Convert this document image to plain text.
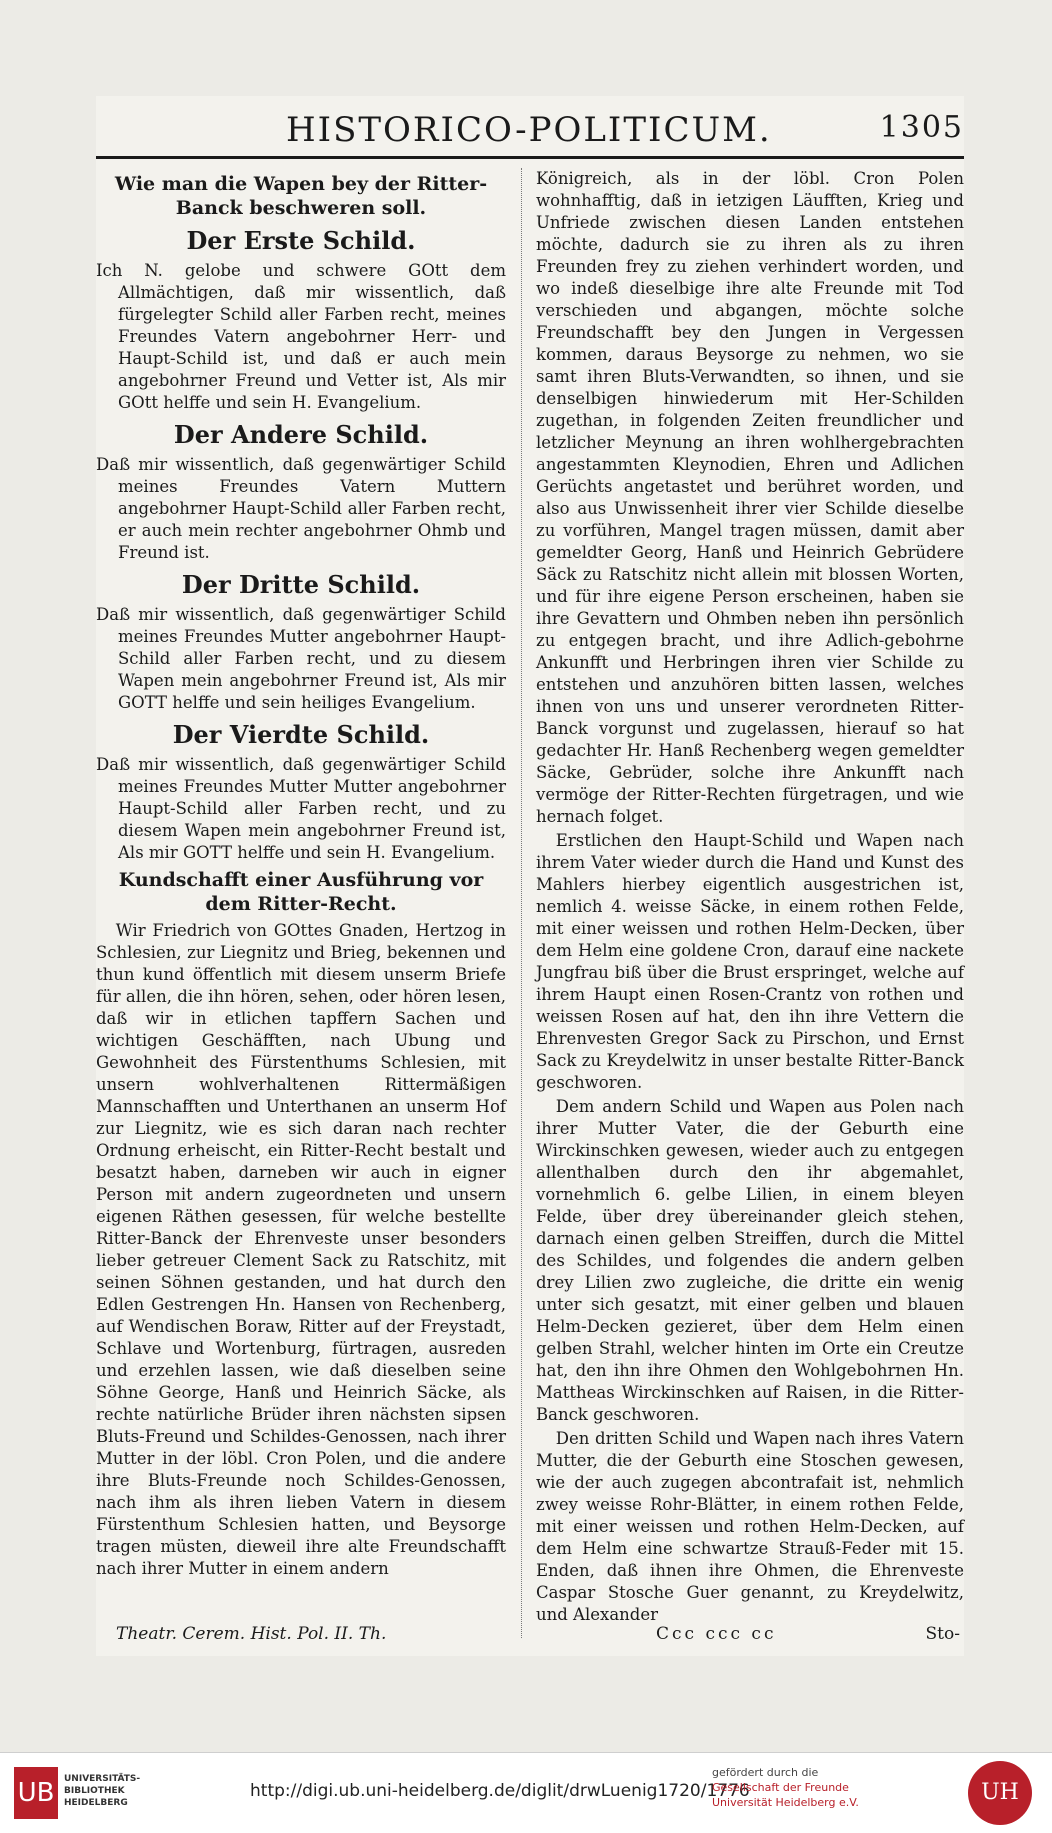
HISTORICO-POLITICUM.	1305
Wie man die Wapen bey der Ritter-Banck beschweren soll.
Der Erste Schild.

Ich N. gelobe und schwere GOtt dem Allmächtigen, daß mir wissentlich, daß fürgelegter Schild aller Farben recht, meines Freundes Vatern angebohrner Herr- und Haupt-Schild ist, und daß er auch mein angebohrner Freund und Vetter ist, Als mir GOtt helffe und sein H. Evangelium.

Der Andere Schild.

Daß mir wissentlich, daß gegenwärtiger Schild meines Freundes Vatern Muttern angebohrner Haupt-Schild aller Farben recht, er auch mein rechter angebohrner Ohmb und Freund ist.

Der Dritte Schild.

Daß mir wissentlich, daß gegenwärtiger Schild meines Freundes Mutter angebohrner Haupt-Schild aller Farben recht, und zu diesem Wapen mein angebohrner Freund ist, Als mir GOTT helffe und sein heiliges Evangelium.

Der Vierdte Schild.

Daß mir wissentlich, daß gegenwärtiger Schild meines Freundes Mutter Mutter angebohrner Haupt-Schild aller Farben recht, und zu diesem Wapen mein angebohrner Freund ist, Als mir GOTT helffe und sein H. Evangelium.

Kundschafft einer Ausführung vor dem Ritter-Recht.

Wir Friedrich von GOttes Gnaden, Hertzog in Schlesien, zur Liegnitz und Brieg, bekennen und thun kund öffentlich mit diesem unserm Briefe für allen, die ihn hören, sehen, oder hören lesen, daß wir in etlichen tapffern Sachen und wichtigen Geschäfften, nach Ubung und Gewohnheit des Fürstenthums Schlesien, mit unsern wohlverhaltenen Rittermäßigen Mannschafften und Unterthanen an unserm Hof zur Liegnitz, wie es sich daran nach rechter Ordnung erheischt, ein Ritter-Recht bestalt und besatzt haben, darneben wir auch in eigner Person mit andern zugeordneten und unsern eigenen Räthen gesessen, für welche bestellte Ritter-Banck der Ehrenveste unser besonders lieber getreuer Clement Sack zu Ratschitz, mit seinen Söhnen gestanden, und hat durch den Edlen Gestrengen Hn. Hansen von Rechenberg, auf Wendischen Boraw, Ritter auf der Freystadt, Schlave und Wortenburg, fürtragen, ausreden und erzehlen lassen, wie daß dieselben seine Söhne George, Hanß und Heinrich Säcke, als rechte natürliche Brüder ihren nächsten sipsen Bluts-Freund und Schildes-Genossen, nach ihrer Mutter in der löbl. Cron Polen, und die andere ihre Bluts-Freunde noch Schildes-Genossen, nach ihm als ihren lieben Vatern in diesem Fürstenthum Schlesien hatten, und Beysorge tragen müsten, dieweil ihre alte Freundschafft nach ihrer Mutter in einem andern

Königreich, als in der löbl. Cron Polen wohnhafftig, daß in ietzigen Läufften, Krieg und Unfriede zwischen diesen Landen entstehen möchte, dadurch sie zu ihren als zu ihren Freunden frey zu ziehen verhindert worden, und wo indeß dieselbige ihre alte Freunde mit Tod verschieden und abgangen, möchte solche Freundschafft bey den Jungen in Vergessen kommen, daraus Beysorge zu nehmen, wo sie samt ihren Bluts-Verwandten, so ihnen, und sie denselbigen hinwiederum mit Her-Schilden zugethan, in folgenden Zeiten freundlicher und letzlicher Meynung an ihren wohlhergebrachten angestammten Kleynodien, Ehren und Adlichen Gerüchts angetastet und berühret worden, und also aus Unwissenheit ihrer vier Schilde dieselbe zu vorführen, Mangel tragen müssen, damit aber gemeldter Georg, Hanß und Heinrich Gebrüdere Säck zu Ratschitz nicht allein mit blossen Worten, und für ihre eigene Person erscheinen, haben sie ihre Gevattern und Ohmben neben ihn persönlich zu entgegen bracht, und ihre Adlich-gebohrne Ankunfft und Herbringen ihren vier Schilde zu entstehen und anzuhören bitten lassen, welches ihnen von uns und unserer verordneten Ritter-Banck vorgunst und zugelassen, hierauf so hat gedachter Hr. Hanß Rechenberg wegen gemeldter Säcke, Gebrüder, solche ihre Ankunfft nach vermöge der Ritter-Rechten fürgetragen, und wie hernach folget.

Erstlichen den Haupt-Schild und Wapen nach ihrem Vater wieder durch die Hand und Kunst des Mahlers hierbey eigentlich ausgestrichen ist, nemlich 4. weisse Säcke, in einem rothen Felde, mit einer weissen und rothen Helm-Decken, über dem Helm eine goldene Cron, darauf eine nackete Jungfrau biß über die Brust erspringet, welche auf ihrem Haupt einen Rosen-Crantz von rothen und weissen Rosen auf hat, den ihn ihre Vettern die Ehrenvesten Gregor Sack zu Pirschon, und Ernst Sack zu Kreydelwitz in unser bestalte Ritter-Banck geschworen.

Dem andern Schild und Wapen aus Polen nach ihrer Mutter Vater, die der Geburth eine Wirckinschken gewesen, wieder auch zu entgegen allenthalben durch den ihr abgemahlet, vornehmlich 6. gelbe Lilien, in einem bleyen Felde, über drey übereinander gleich stehen, darnach einen gelben Streiffen, durch die Mittel des Schildes, und folgendes die andern gelben drey Lilien zwo zugleiche, die dritte ein wenig unter sich gesatzt, mit einer gelben und blauen Helm-Decken gezieret, über dem Helm einen gelben Strahl, welcher hinten im Orte ein Creutze hat, den ihn ihre Ohmen den Wohlgebohrnen Hn. Mattheas Wirckinschken auf Raisen, in die Ritter-Banck geschworen.

Den dritten Schild und Wapen nach ihres Vatern Mutter, die der Geburth eine Stoschen gewesen, wie der auch zugegen abcontrafait ist, nehmlich zwey weisse Rohr-Blätter, in einem rothen Felde, mit einer weissen und rothen Helm-Decken, auf dem Helm eine schwartze Strauß-Feder mit 15. Enden, daß ihnen ihre Ohmen, die Ehrenveste Caspar Stosche Guer genannt, zu Kreydelwitz, und Alexander

Theatr. Cerem. Hist. Pol. II. Th.	Ccc ccc cc	Sto-
UB	UNIVERSITÄTS-
BIBLIOTHEK
HEIDELBERG
http://digi.ub.uni-heidelberg.de/diglit/drwLuenig1720/1776
gefördert durch die
Gesellschaft der Freunde
Universität Heidelberg e.V.	UH
